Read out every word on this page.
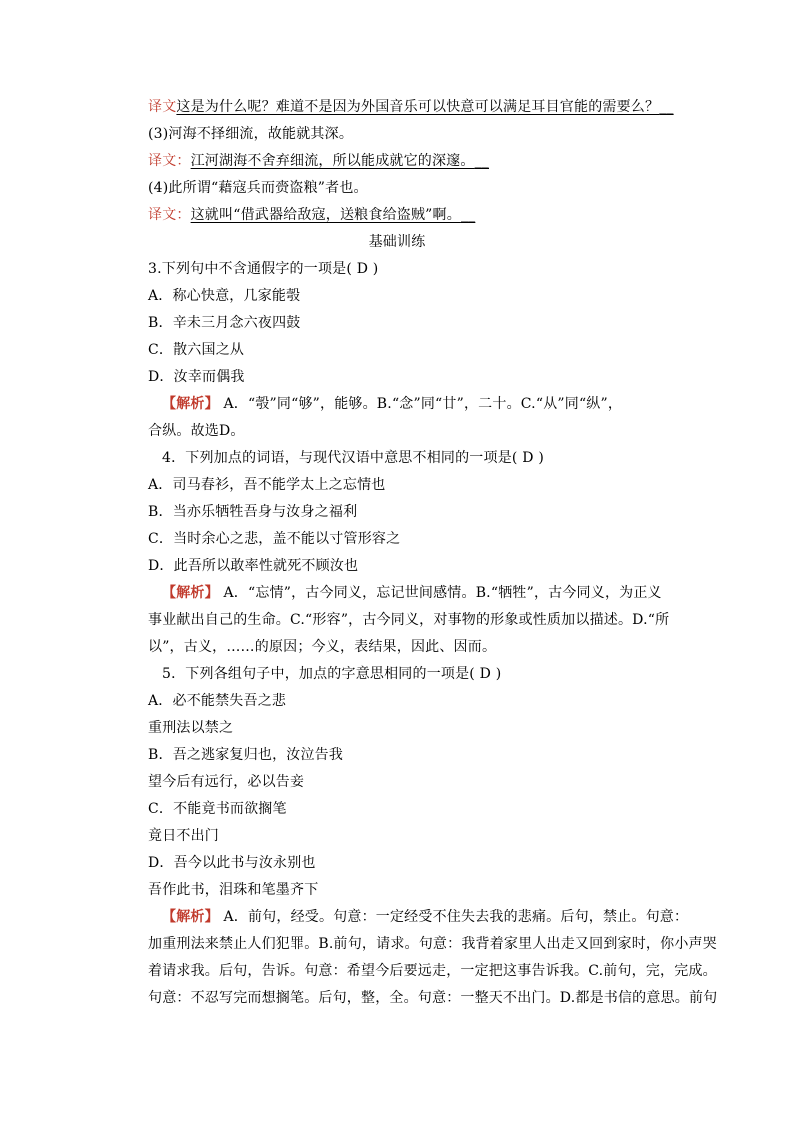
译文这是为什么呢？难道不是因为外国音乐可以快意可以满足耳目官能的需要么？__
(3)河海不择细流，故能就其深。
译文：江河湖海不舍弃细流，所以能成就它的深邃。__
(4)此所谓“藉寇兵而赍盗粮”者也。
译文：这就叫“借武器给敌寇，送粮食给盗贼”啊。__
基础训练
3.下列句中不含通假字的一项是( D )
A．称心快意，几家能彀
B．辛未三月念六夜四鼓
C．散六国之从
D．汝幸而偶我
【解析】 A．“彀”同“够”，能够。B.“念”同“廿”，二十。C.“从”同“纵”，
合纵。故选D。
4．下列加点的词语，与现代汉语中意思不相同的一项是( D )
A．司马春衫，吾不能学太上之忘情也
B．当亦乐牺牲吾身与汝身之福利
C．当时余心之悲，盖不能以寸管形容之
D．此吾所以敢率性就死不顾汝也
【解析】 A．“忘情”，古今同义，忘记世间感情。B.“牺牲”，古今同义，为正义
事业献出自己的生命。C.“形容”，古今同义，对事物的形象或性质加以描述。D.“所
以”，古义，……的原因；今义，表结果，因此、因而。
5．下列各组句子中，加点的字意思相同的一项是( D )
A．必不能禁失吾之悲
重刑法以禁之
B．吾之逃家复归也，汝泣告我
望今后有远行，必以告妾
C．不能竟书而欲搁笔
竟日不出门
D．吾今以此书与汝永别也
吾作此书，泪珠和笔墨齐下
【解析】 A．前句，经受。句意：一定经受不住失去我的悲痛。后句，禁止。句意：
加重刑法来禁止人们犯罪。B.前句，请求。句意：我背着家里人出走又回到家时，你小声哭
着请求我。后句，告诉。句意：希望今后要远走，一定把这事告诉我。C.前句，完，完成。
句意：不忍写完而想搁笔。后句，整，全。句意：一整天不出门。D.都是书信的意思。前句
